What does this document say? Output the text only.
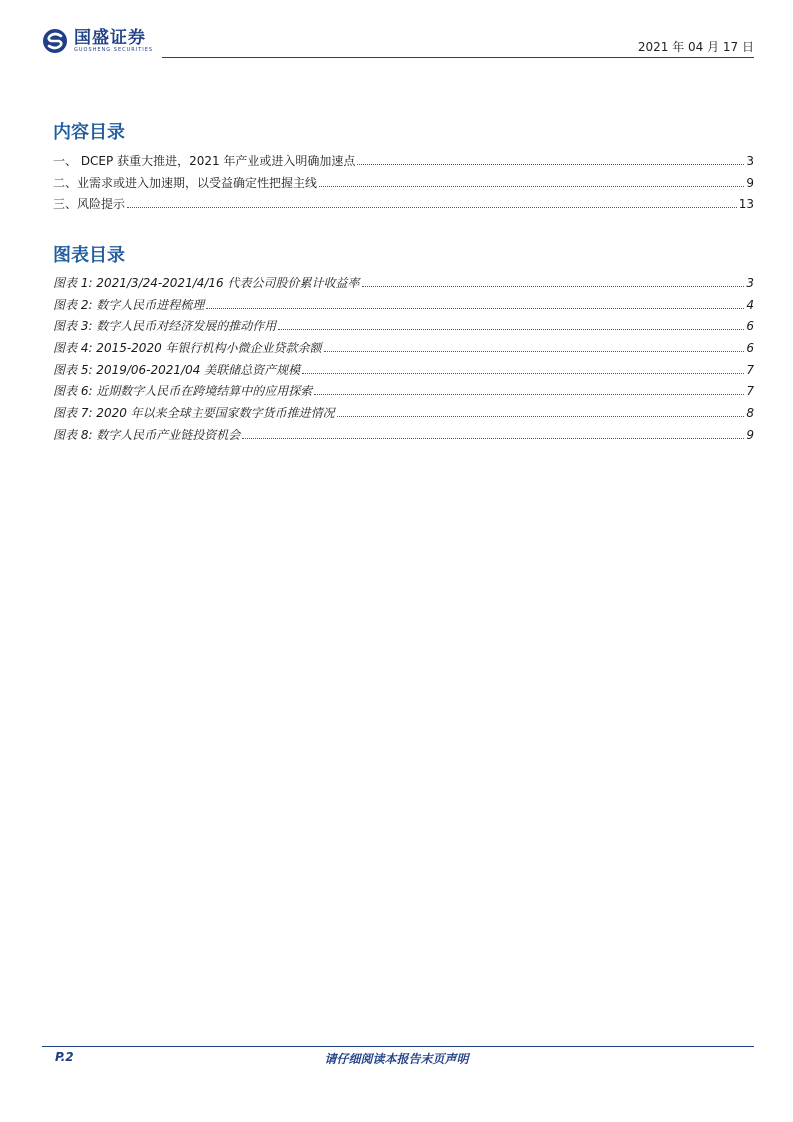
国盛证券
GUOSHENG SECURITIES	2021 年 04 月 17 日
内容目录
一、 DCEP 获重大推进，2021 年产业或进入明确加速点	3
二、业需求或进入加速期，以受益确定性把握主线	9
三、风险提示	13
图表目录
图表 1: 2021/3/24-2021/4/16 代表公司股价累计收益率	3
图表 2: 数字人民币进程梳理	4
图表 3: 数字人民币对经济发展的推动作用	6
图表 4: 2015-2020 年银行机构小微企业贷款余额	6
图表 5: 2019/06-2021/04 美联储总资产规模	7
图表 6: 近期数字人民币在跨境结算中的应用探索	7
图表 7: 2020 年以来全球主要国家数字货币推进情况	8
图表 8: 数字人民币产业链投资机会	9
P.2	请仔细阅读本报告末页声明
